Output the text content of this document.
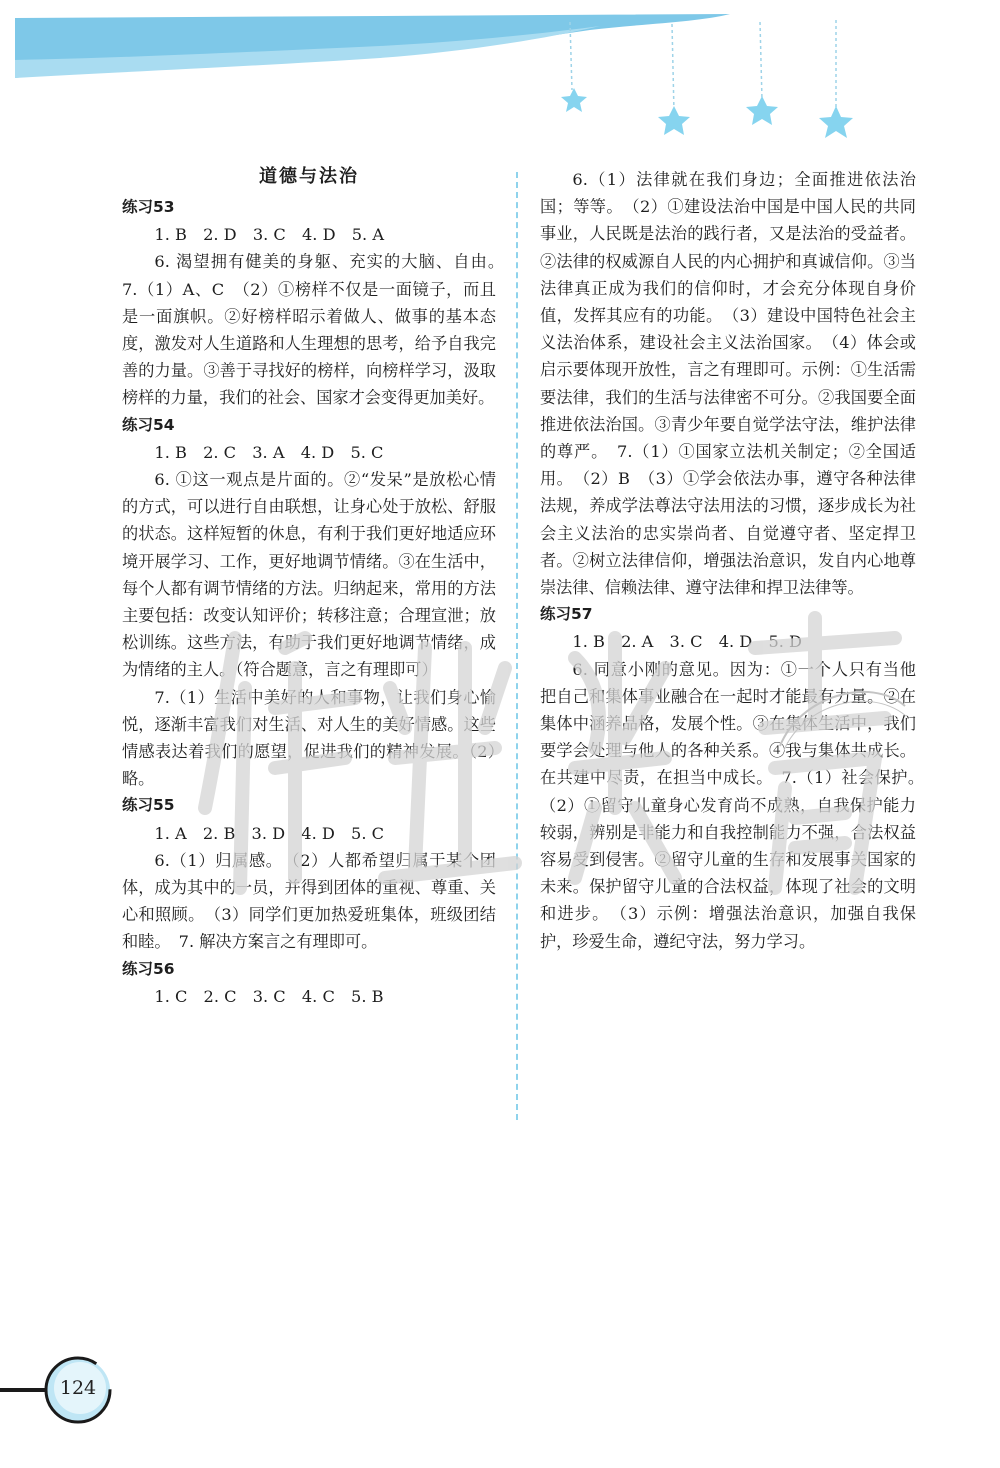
道德与法治
练习53

1. B　2. D　3. C　4. D　5. A

6. 渴望拥有健美的身躯、充实的大脑、自由。　7.（1）A、C　（2）①榜样不仅是一面镜子，而且是一面旗帜。②好榜样昭示着做人、做事的基本态度，激发对人生道路和人生理想的思考，给予自我完善的力量。③善于寻找好的榜样，向榜样学习，汲取榜样的力量，我们的社会、国家才会变得更加美好。

练习54

1. B　2. C　3. A　4. D　5. C

6. ①这一观点是片面的。②“发呆”是放松心情的方式，可以进行自由联想，让身心处于放松、舒服的状态。这样短暂的休息，有利于我们更好地适应环境开展学习、工作，更好地调节情绪。③在生活中，每个人都有调节情绪的方法。归纳起来，常用的方法主要包括：改变认知评价；转移注意；合理宣泄；放松训练。这些方法，有助于我们更好地调节情绪，成为情绪的主人。（符合题意，言之有理即可）

7.（1）生活中美好的人和事物，让我们身心愉悦，逐渐丰富我们对生活、对人生的美好情感。这些情感表达着我们的愿望，促进我们的精神发展。（2）略。

练习55

1. A　2. B　3. D　4. D　5. C

6.（1）归属感。　（2）人都希望归属于某个团体，成为其中的一员，并得到团体的重视、尊重、关心和照顾。　（3）同学们更加热爱班集体，班级团结和睦。　7. 解决方案言之有理即可。

练习56

1. C　2. C　3. C　4. C　5. B

6.（1）法律就在我们身边；全面推进依法治国；等等。　（2）①建设法治中国是中国人民的共同事业，人民既是法治的践行者，又是法治的受益者。②法律的权威源自人民的内心拥护和真诚信仰。③当法律真正成为我们的信仰时，才会充分体现自身价值，发挥其应有的功能。　（3）建设中国特色社会主义法治体系，建设社会主义法治国家。　（4）体会或启示要体现开放性，言之有理即可。示例：①生活需要法律，我们的生活与法律密不可分。②我国要全面推进依法治国。③青少年要自觉学法守法，维护法律的尊严。　7.（1）①国家立法机关制定；②全国适用。　（2）B　（3）①学会依法办事，遵守各种法律法规，养成学法尊法守法用法的习惯，逐步成长为社会主义法治的忠实崇尚者、自觉遵守者、坚定捍卫者。②树立法律信仰，增强法治意识，发自内心地尊崇法律、信赖法律、遵守法律和捍卫法律等。

练习57

1. B　2. A　3. C　4. D　5. D

6. 同意小刚的意见。因为：①一个人只有当他把自己和集体事业融合在一起时才能最有力量。②在集体中涵养品格，发展个性。③在集体生活中，我们要学会处理与他人的各种关系。④我与集体共成长。在共建中尽责，在担当中成长。　7.（1）社会保护。　（2）①留守儿童身心发育尚不成熟，自我保护能力较弱，辨别是非能力和自我控制能力不强，合法权益容易受到侵害。②留守儿童的生存和发展事关国家的未来。保护留守儿童的合法权益，体现了社会的文明和进步。　（3）示例：增强法治意识，加强自我保护，珍爱生命，遵纪守法，努力学习。

124
